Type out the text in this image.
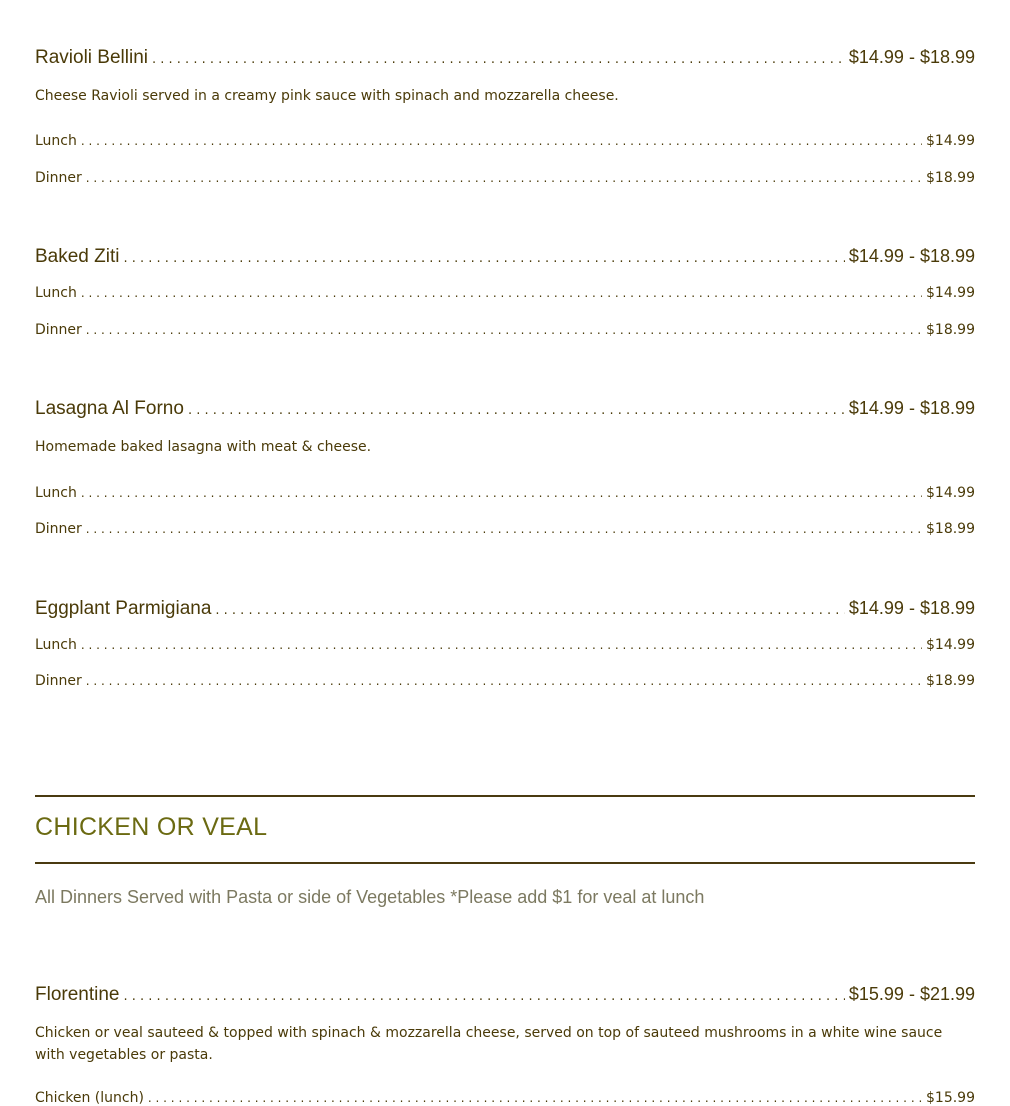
Ravioli Bellini . . .	$14.99 - $18.99
Cheese Ravioli served in a creamy pink sauce with spinach and mozzarella cheese.
Lunch . . .	$14.99
Dinner . . .	$18.99
Baked Ziti . . .	$14.99 - $18.99
Lunch . . .	$14.99
Dinner . . .	$18.99
Lasagna Al Forno . . .	$14.99 - $18.99
Homemade baked lasagna with meat & cheese.
Lunch . . .	$14.99
Dinner . . .	$18.99
Eggplant Parmigiana . . .	$14.99 - $18.99
Lunch . . .	$14.99
Dinner . . .	$18.99
CHICKEN OR VEAL
All Dinners Served with Pasta or side of Vegetables *Please add $1 for veal at lunch
Florentine . . .	$15.99 - $21.99
Chicken or veal sauteed & topped with spinach & mozzarella cheese, served on top of sauteed mushrooms in a white wine sauce with vegetables or pasta.
Chicken (lunch) . . .	$15.99
